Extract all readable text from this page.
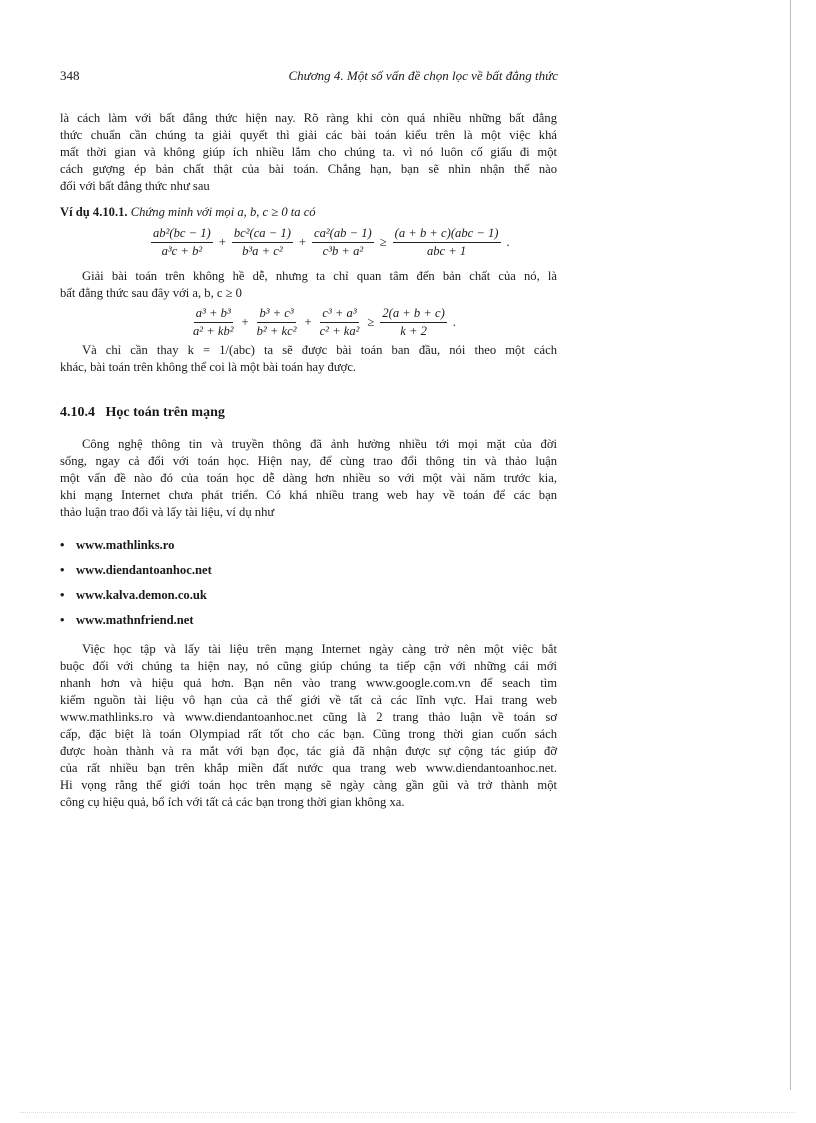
348	Chương 4. Một số vấn đề chọn lọc về bất đẳng thức
là cách làm với bất đẳng thức hiện nay. Rõ ràng khi còn quá nhiều những bất đẳng
thức chuẩn cần chúng ta giải quyết thì giải các bài toán kiểu trên là một việc khá
mất thời gian và không giúp ích nhiều lắm cho chúng ta. vì nó luôn cố giấu đi một
cách gượng ép bản chất thật của bài toán. Chẳng hạn, bạn sẽ nhìn nhận thế nào
đối với bất đẳng thức như sau
Ví dụ 4.10.1. Chứng minh với mọi a, b, c ≥ 0 ta có
$\frac{\text{ab²(bc − 1)}}{\text{a³c + b²}} + \frac{\text{bc²(ca − 1)}}{\text{b³a + c²}} + \frac{\text{ca²(ab − 1)}}{\text{c³b + a²}} \ge \frac{\text{(a + b + c)(abc − 1)}}{\text{abc + 1}}$ .
Giải bài toán trên không hề dễ, nhưng ta chỉ quan tâm đến bản chất của nó, là
bất đẳng thức sau đây với a, b, c ≥ 0
$\frac{\text{a³ + b³}}{\text{a² + kb²}} + \frac{\text{b³ + c³}}{\text{b² + kc²}} + \frac{\text{c³ + a³}}{\text{c² + ka²}} \ge \frac{2(a + b + c)}{k + 2}$ .
Và chỉ cần thay k = 1/(abc) ta sẽ được bài toán ban đầu, nói theo một cách
khác, bài toán trên không thể coi là một bài toán hay được.
4.10.4 Học toán trên mạng
Công nghệ thông tin và truyền thông đã ảnh hưởng nhiều tới mọi mặt của đời
sống, ngay cả đối với toán học. Hiện nay, để cùng trao đổi thông tin và thảo luận
một vấn đề nào đó của toán học dễ dàng hơn nhiều so với một vài năm trước kia,
khi mạng Internet chưa phát triển. Có khá nhiều trang web hay về toán để các bạn
thảo luận trao đổi và lấy tài liệu, ví dụ như
• www.mathlinks.ro
• www.diendantoanhoc.net
• www.kalva.demon.co.uk
• www.mathnfriend.net
Việc học tập và lấy tài liệu trên mạng Internet ngày càng trở nên một việc bắt
buộc đối với chúng ta hiện nay, nó cũng giúp chúng ta tiếp cận với những cái mới
nhanh hơn và hiệu quả hơn. Bạn nên vào trang www.google.com.vn để seach tìm
kiếm nguồn tài liệu vô hạn của cả thế giới về tất cả các lĩnh vực. Hai trang web
www.mathlinks.ro và www.diendantoanhoc.net cũng là 2 trang thảo luận về toán sơ
cấp, đặc biệt là toán Olympiad rất tốt cho các bạn. Cũng trong thời gian cuốn sách
được hoàn thành và ra mắt với bạn đọc, tác giả đã nhận được sự cộng tác giúp đỡ
của rất nhiều bạn trên khắp miền đất nước qua trang web www.diendantoanhoc.net.
Hi vọng rằng thế giới toán học trên mạng sẽ ngày càng gần gũi và trở thành một
công cụ hiệu quả, bổ ích với tất cả các bạn trong thời gian không xa.
